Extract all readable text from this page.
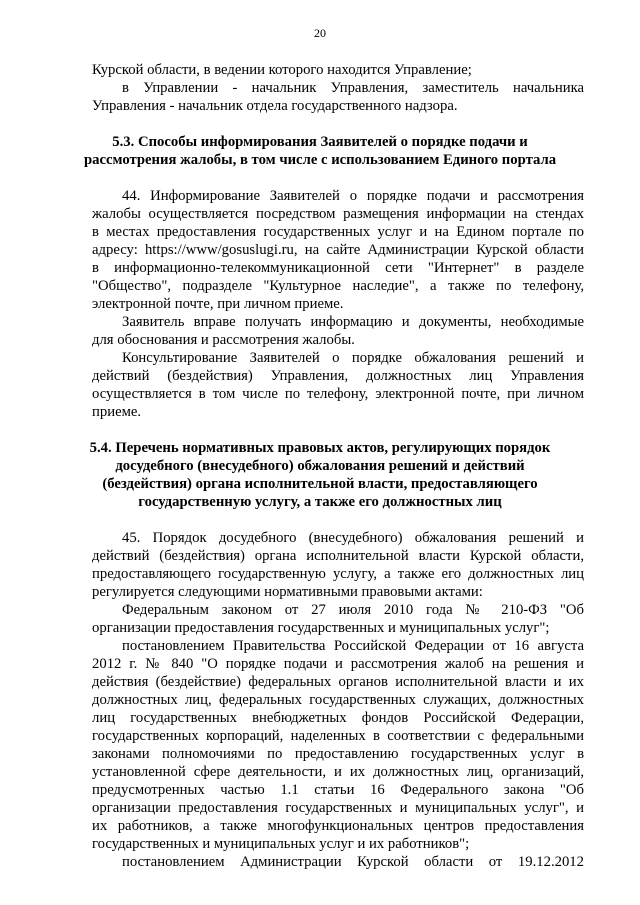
20
Курской области, в ведении которого находится Управление;
в Управлении - начальник Управления, заместитель начальника
Управления - начальник отдела государственного надзора.
5.3. Способы информирования Заявителей о порядке подачи и
рассмотрения жалобы, в том числе с использованием Единого портала
44. Информирование Заявителей о порядке подачи и рассмотрения
жалобы осуществляется посредством размещения информации на стендах
в местах предоставления государственных услуг и на Едином портале по
адресу: https://www/gosuslugi.ru, на сайте Администрации Курской области
в информационно-телекоммуникационной сети "Интернет" в разделе
"Общество", подразделе "Культурное наследие", а также по телефону,
электронной почте, при личном приеме.
Заявитель вправе получать информацию и документы, необходимые
для обоснования и рассмотрения жалобы.
Консультирование Заявителей о порядке обжалования решений и
действий (бездействия) Управления, должностных лиц Управления
осуществляется в том числе по телефону, электронной почте, при личном
приеме.
5.4. Перечень нормативных правовых актов, регулирующих порядок
досудебного (внесудебного) обжалования решений и действий
(бездействия) органа исполнительной власти, предоставляющего
государственную услугу, а также его должностных лиц
45. Порядок досудебного (внесудебного) обжалования решений и
действий (бездействия) органа исполнительной власти Курской области,
предоставляющего государственную услугу, а также его должностных лиц
регулируется следующими нормативными правовыми актами:
Федеральным законом от 27 июля 2010 года № 210-ФЗ "Об
организации предоставления государственных и муниципальных услуг";
постановлением Правительства Российской Федерации от 16 августа
2012 г. № 840 "О порядке подачи и рассмотрения жалоб на решения и
действия (бездействие) федеральных органов исполнительной власти и их
должностных лиц, федеральных государственных служащих, должностных
лиц государственных внебюджетных фондов Российской Федерации,
государственных корпораций, наделенных в соответствии с федеральными
законами полномочиями по предоставлению государственных услуг в
установленной сфере деятельности, и их должностных лиц, организаций,
предусмотренных частью 1.1 статьи 16 Федерального закона "Об
организации предоставления государственных и муниципальных услуг", и
их работников, а также многофункциональных центров предоставления
государственных и муниципальных услуг и их работников";
постановлением Администрации Курской области от 19.12.2012
